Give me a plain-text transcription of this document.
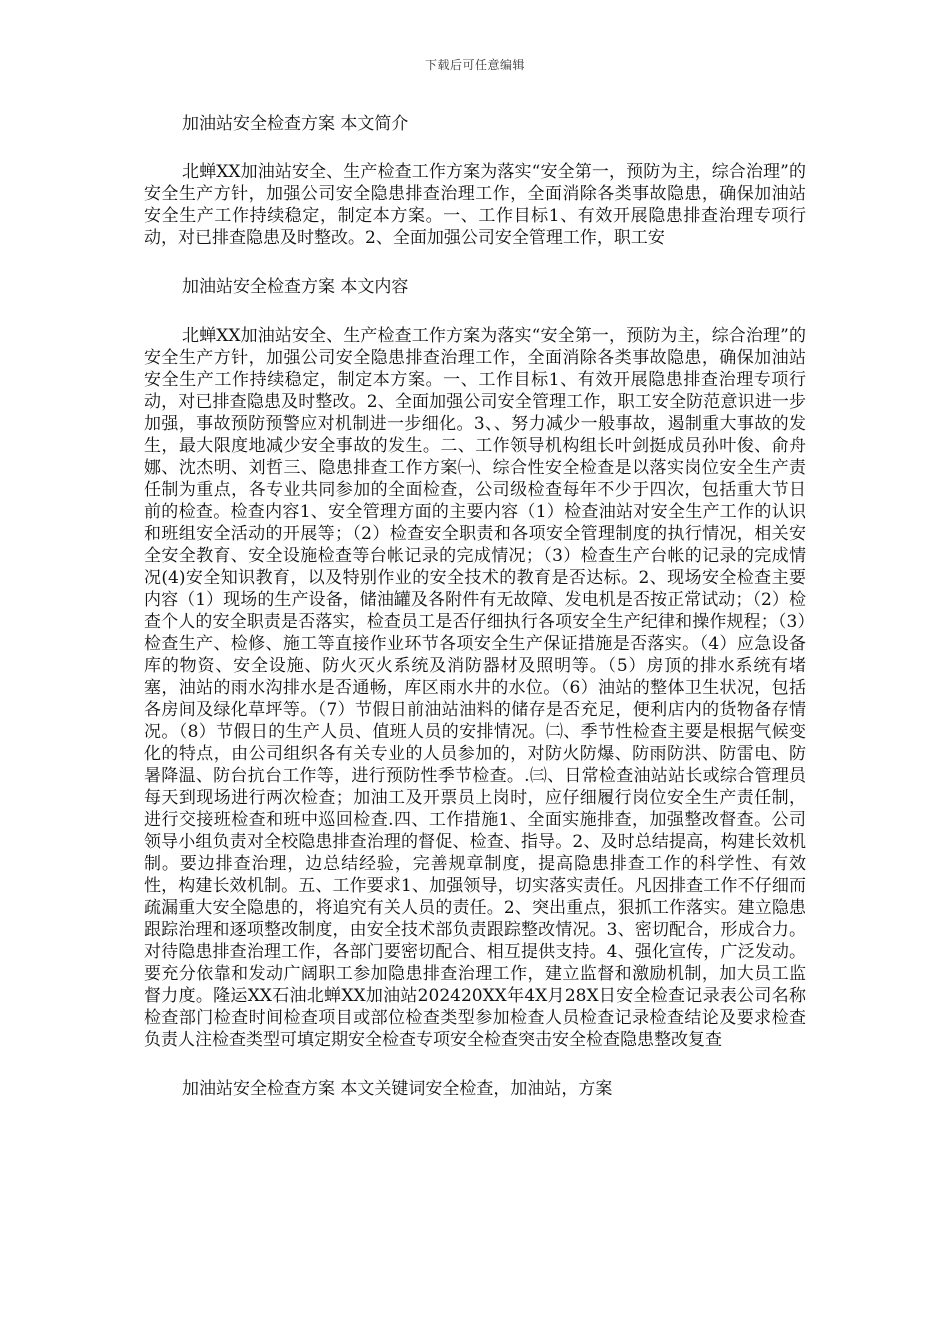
下载后可任意编辑
加油站安全检查方案 本文简介

北蝉XX加油站安全、生产检查工作方案为落实“安全第一，预防为主，综合治理”的安全生产方针，加强公司安全隐患排查治理工作，全面消除各类事故隐患，确保加油站安全生产工作持续稳定，制定本方案。一、工作目标1、有效开展隐患排查治理专项行动，对已排查隐患及时整改。2、全面加强公司安全管理工作，职工安

加油站安全检查方案 本文内容

北蝉XX加油站安全、生产检查工作方案为落实“安全第一，预防为主，综合治理”的安全生产方针，加强公司安全隐患排查治理工作，全面消除各类事故隐患，确保加油站安全生产工作持续稳定，制定本方案。一、工作目标1、有效开展隐患排查治理专项行动，对已排查隐患及时整改。2、全面加强公司安全管理工作，职工安全防范意识进一步加强，事故预防预警应对机制进一步细化。3、、努力减少一般事故，遏制重大事故的发生，最大限度地减少安全事故的发生。二、工作领导机构组长叶剑挺成员孙叶俊、俞舟娜、沈杰明、刘哲三、隐患排查工作方案㈠、综合性安全检查是以落实岗位安全生产责任制为重点，各专业共同参加的全面检查，公司级检查每年不少于四次，包括重大节日前的检查。检查内容1、安全管理方面的主要内容（1）检查油站对安全生产工作的认识和班组安全活动的开展等；（2）检查安全职责和各项安全管理制度的执行情况，相关安全安全教育、安全设施检查等台帐记录的完成情况；（3）检查生产台帐的记录的完成情况(4)安全知识教育，以及特别作业的安全技术的教育是否达标。2、现场安全检查主要内容（1）现场的生产设备，储油罐及各附件有无故障、发电机是否按正常试动；（2）检查个人的安全职责是否落实，检查员工是否仔细执行各项安全生产纪律和操作规程；（3）检查生产、检修、施工等直接作业环节各项安全生产保证措施是否落实。（4）应急设备库的物资、安全设施、防火灭火系统及消防器材及照明等。（5）房顶的排水系统有堵塞，油站的雨水沟排水是否通畅，库区雨水井的水位。（6）油站的整体卫生状况，包括各房间及绿化草坪等。（7）节假日前油站油料的储存是否充足，便利店内的货物备存情况。（8）节假日的生产人员、值班人员的安排情况。㈡、季节性检查主要是根据气候变化的特点，由公司组织各有关专业的人员参加的，对防火防爆、防雨防洪、防雷电、防暑降温、防台抗台工作等，进行预防性季节检查。.㈢、日常检查油站站长或综合管理员每天到现场进行两次检查；加油工及开票员上岗时，应仔细履行岗位安全生产责任制，进行交接班检查和班中巡回检查.四、工作措施1、全面实施排查，加强整改督查。公司领导小组负责对全校隐患排查治理的督促、检查、指导。2、及时总结提高，构建长效机制。要边排查治理，边总结经验，完善规章制度，提高隐患排查工作的科学性、有效性，构建长效机制。五、工作要求1、加强领导，切实落实责任。凡因排查工作不仔细而疏漏重大安全隐患的，将追究有关人员的责任。2、突出重点，狠抓工作落实。建立隐患跟踪治理和逐项整改制度，由安全技术部负责跟踪整改情况。3、密切配合，形成合力。对待隐患排查治理工作，各部门要密切配合、相互提供支持。4、强化宣传，广泛发动。要充分依靠和发动广阔职工参加隐患排查治理工作，建立监督和激励机制，加大员工监督力度。隆运XX石油北蝉XX加油站202420XX年4X月28X日安全检查记录表公司名称检查部门检查时间检查项目或部位检查类型参加检查人员检查记录检查结论及要求检查负责人注检查类型可填定期安全检查专项安全检查突击安全检查隐患整改复查

加油站安全检查方案 本文关键词安全检查，加油站，方案
